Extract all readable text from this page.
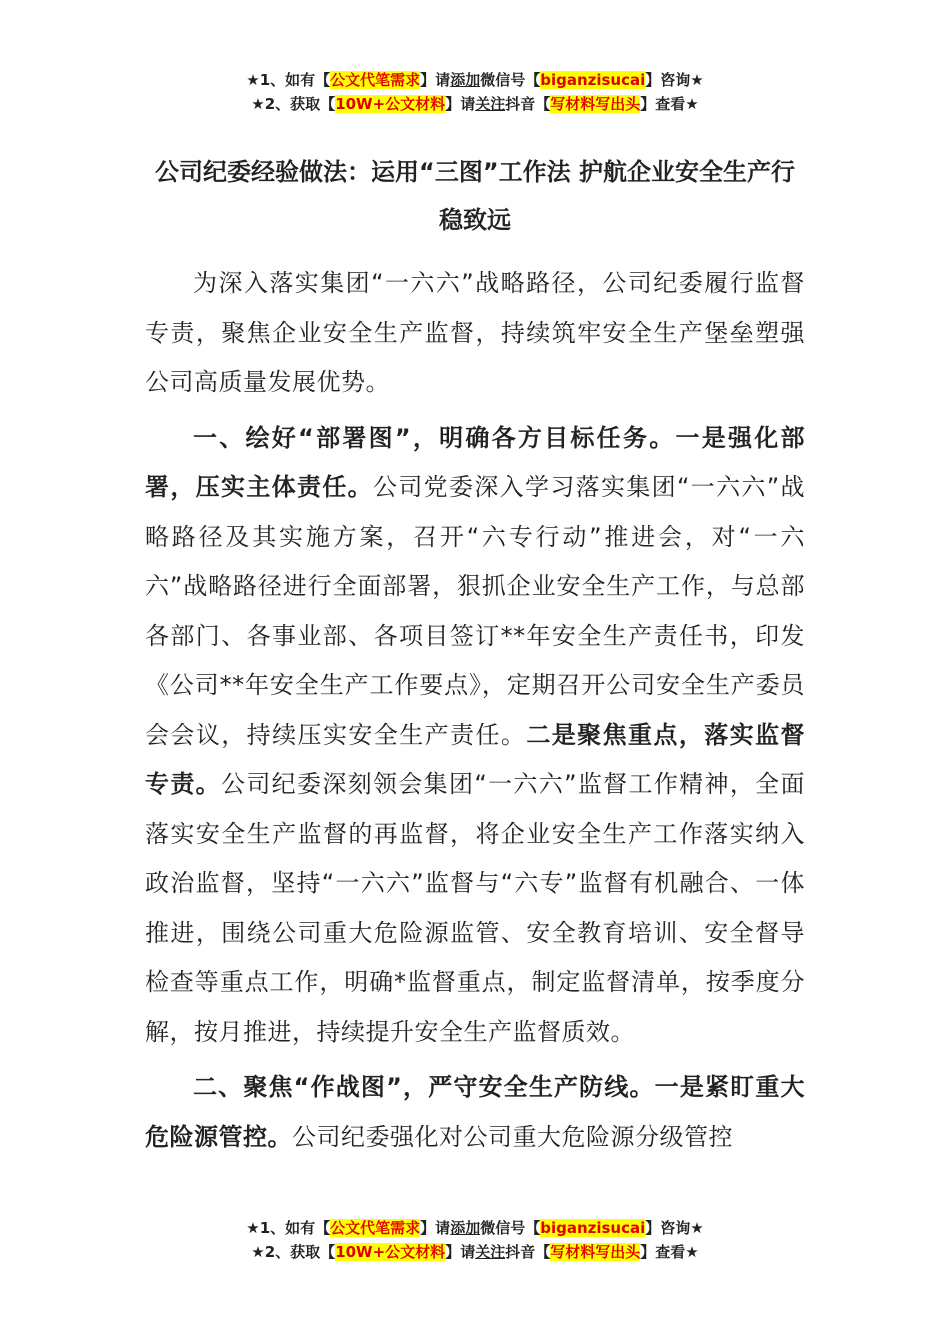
★1、如有【公文代笔需求】请添加微信号【biganzisucai】咨询★
★2、获取【10W+公文材料】请关注抖音【写材料写出头】查看★
公司纪委经验做法：运用“三图”工作法 护航企业安全生产行稳致远

为深入落实集团“一六六”战略路径，公司纪委履行监督专责，聚焦企业安全生产监督，持续筑牢安全生产堡垒塑强公司高质量发展优势。

一、绘好“部署图”，明确各方目标任务。一是强化部署，压实主体责任。公司党委深入学习落实集团“一六六”战略路径及其实施方案，召开“六专行动”推进会，对“一六六”战略路径进行全面部署，狠抓企业安全生产工作，与总部各部门、各事业部、各项目签订**年安全生产责任书，印发《公司**年安全生产工作要点》，定期召开公司安全生产委员会会议，持续压实安全生产责任。二是聚焦重点，落实监督专责。公司纪委深刻领会集团“一六六”监督工作精神，全面落实安全生产监督的再监督，将企业安全生产工作落实纳入政治监督，坚持“一六六”监督与“六专”监督有机融合、一体推进，围绕公司重大危险源监管、安全教育培训、安全督导检查等重点工作，明确*监督重点，制定监督清单，按季度分解，按月推进，持续提升安全生产监督质效。

二、聚焦“作战图”，严守安全生产防线。一是紧盯重大危险源管控。公司纪委强化对公司重大危险源分级管控

★1、如有【公文代笔需求】请添加微信号【biganzisucai】咨询★
★2、获取【10W+公文材料】请关注抖音【写材料写出头】查看★
